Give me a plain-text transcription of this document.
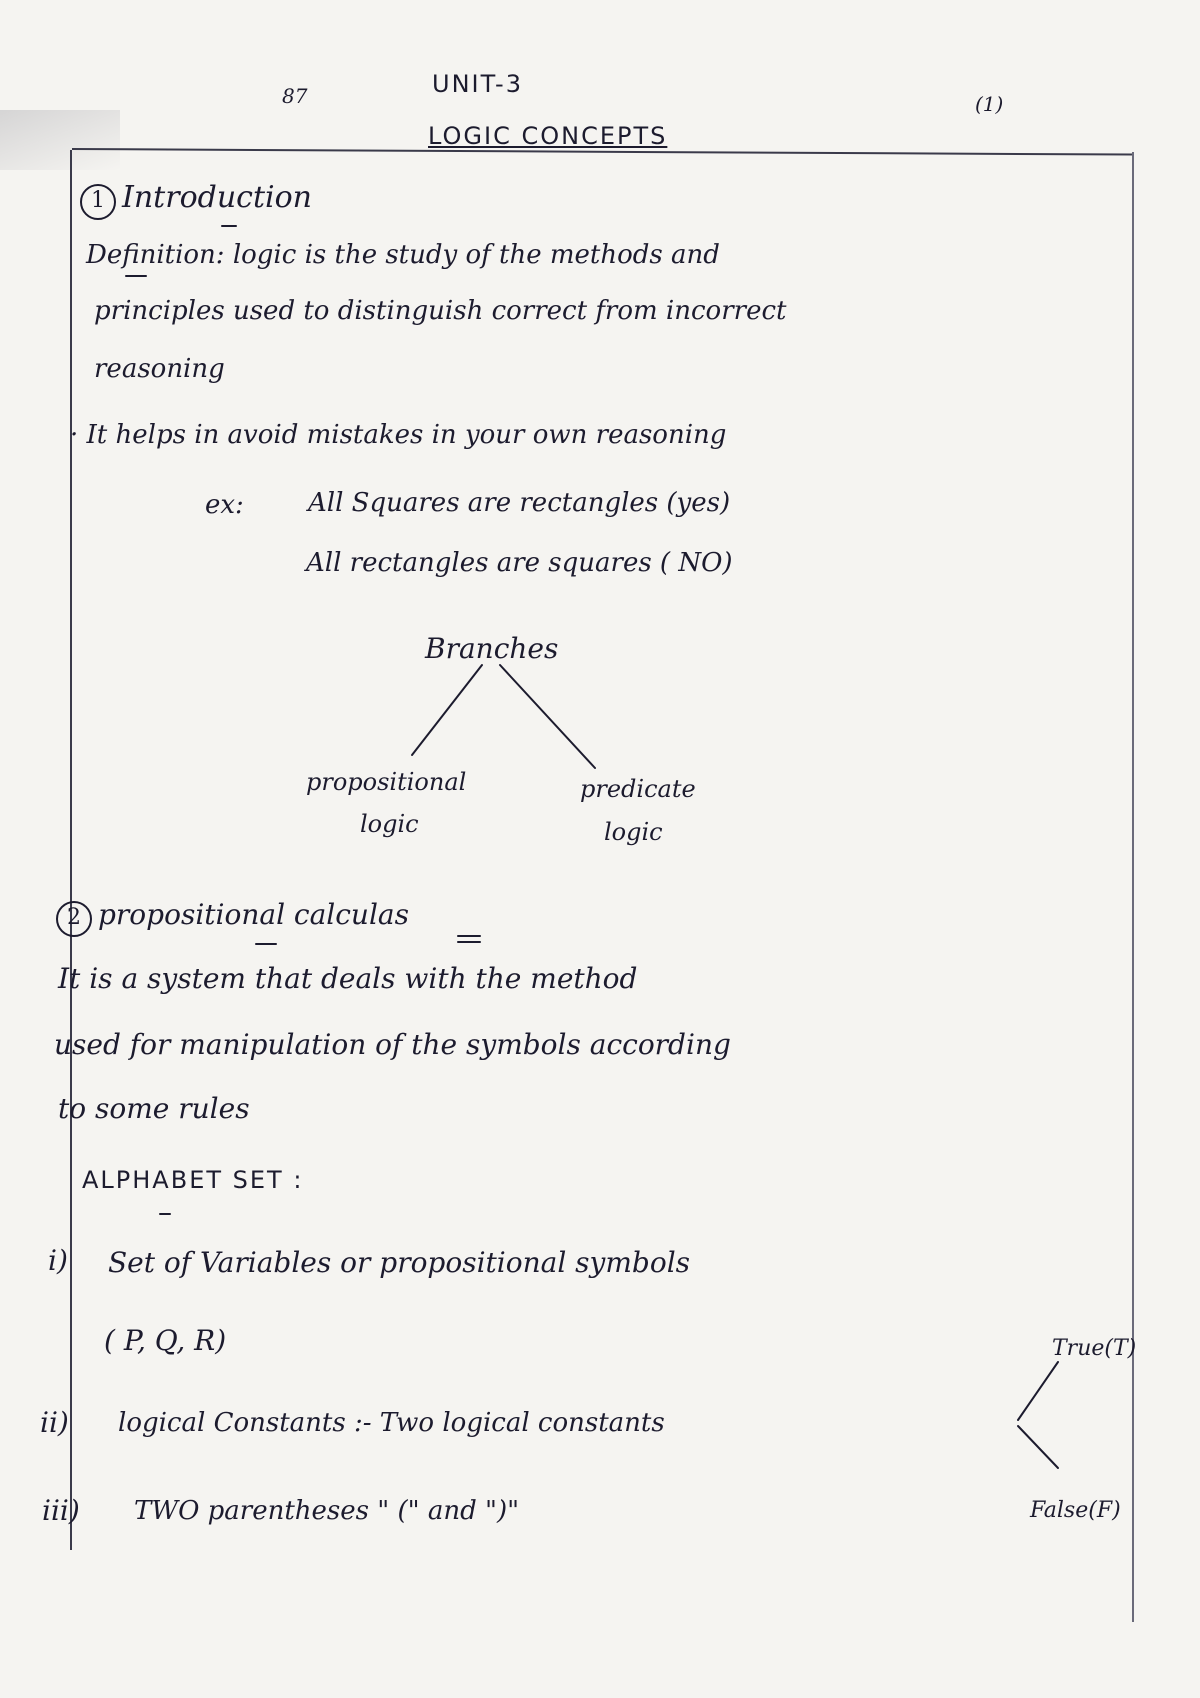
87	UNIT-3
LOGIC CONCEPTS
(1)
1 Introduction
Definition: logic is the study of the methods and
principles used to distinguish correct from incorrect
reasoning
· It helps in avoid mistakes in your own reasoning
ex: All Squares are rectangles (yes)
All rectangles are squares ( NO)
Branches
propositional
logic
predicate
logic
2 propositional calculas
It is a system that deals with the method
used for manipulation of the symbols according
to some rules
ALPHABET SET :
i) Set of Variables or propositional symbols
( P, Q, R)	True(T)
ii) logical Constants :- Two logical constants
iii) TWO parentheses " (" and ")"	False(F)
